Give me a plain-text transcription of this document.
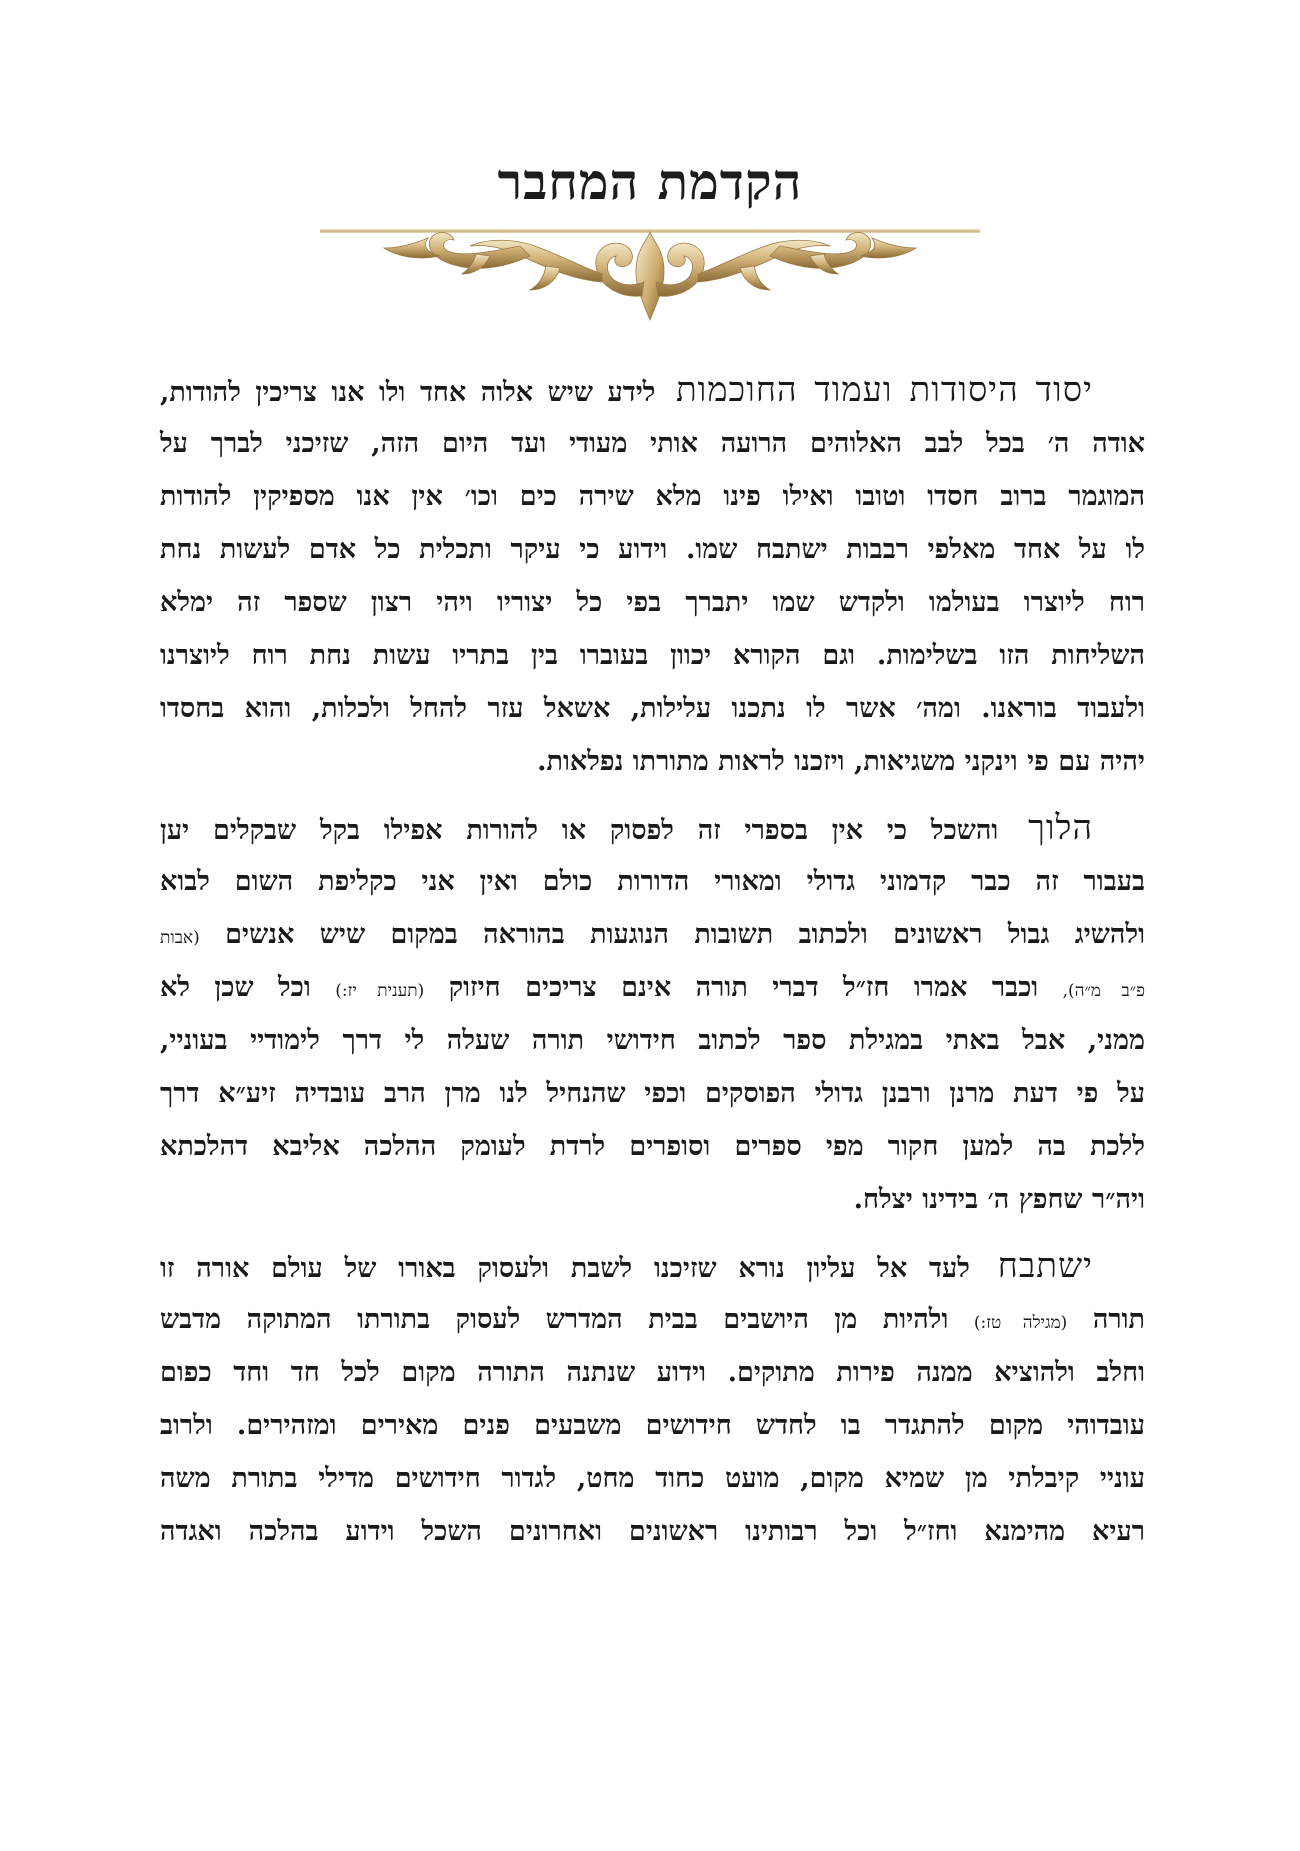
הקדמת המחבר
יסוד היסודות ועמוד החוכמות לידע שיש אלוה אחד ולו אנו צריכין להודות,
אודה ה׳ בכל לבב האלוהים הרועה אותי מעודי ועד היום הזה, שזיכני לברך על
המוגמר ברוב חסדו וטובו ואילו פינו מלא שירה כים וכו׳ אין אנו מספיקין להודות
לו על אחד מאלפי רבבות ישתבח שמו. וידוע כי עיקר ותכלית כל אדם לעשות נחת
רוח ליוצרו בעולמו ולקדש שמו יתברך בפי כל יצוריו ויהי רצון שספר זה ימלא
השליחות הזו בשלימות. וגם הקורא יכוון בעוברו בין בתריו עשות נחת רוח ליוצרנו
ולעבוד בוראנו. ומה׳ אשר לו נתכנו עלילות, אשאל עזר להחל ולכלות, והוא בחסדו
יהיה עם פי וינקני משגיאות, ויזכנו לראות מתורתו נפלאות.
הלוך והשכל כי אין בספרי זה לפסוק או להורות אפילו בקל שבקלים יען
בעבור זה כבר קדמוני גדולי ומאורי הדורות כולם ואין אני כקליפת השום לבוא
ולהשיג גבול ראשונים ולכתוב תשובות הנוגעות בהוראה במקום שיש אנשים (אבות
פ״ב מ״ה), וכבר אמרו חז״ל דברי תורה אינם צריכים חיזוק (תענית יז:) וכל שכן לא
ממני, אבל באתי במגילת ספר לכתוב חידושי תורה שעלה לי דרך לימודיי בעוניי,
על פי דעת מרנן ורבנן גדולי הפוסקים וכפי שהנחיל לנו מרן הרב עובדיה זיע״א דרך
ללכת בה למען חקור מפי ספרים וסופרים לרדת לעומק ההלכה אליבא דהלכתא
ויה״ר שחפץ ה׳ בידינו יצלח.
ישתבח לעד אל עליון נורא שזיכנו לשבת ולעסוק באורו של עולם אורה זו
תורה (מגילה טז:) ולהיות מן היושבים בבית המדרש לעסוק בתורתו המתוקה מדבש
וחלב ולהוציא ממנה פירות מתוקים. וידוע שנתנה התורה מקום לכל חד וחד כפום
עובדוהי מקום להתגדר בו לחדש חידושים משבעים פנים מאירים ומזהירים. ולרוב
עוניי קיבלתי מן שמיא מקום, מועט כחוד מחט, לגדור חידושים מדילי בתורת משה
רעיא מהימנא וחז״ל וכל רבותינו ראשונים ואחרונים השכל וידוע בהלכה ואגדה
